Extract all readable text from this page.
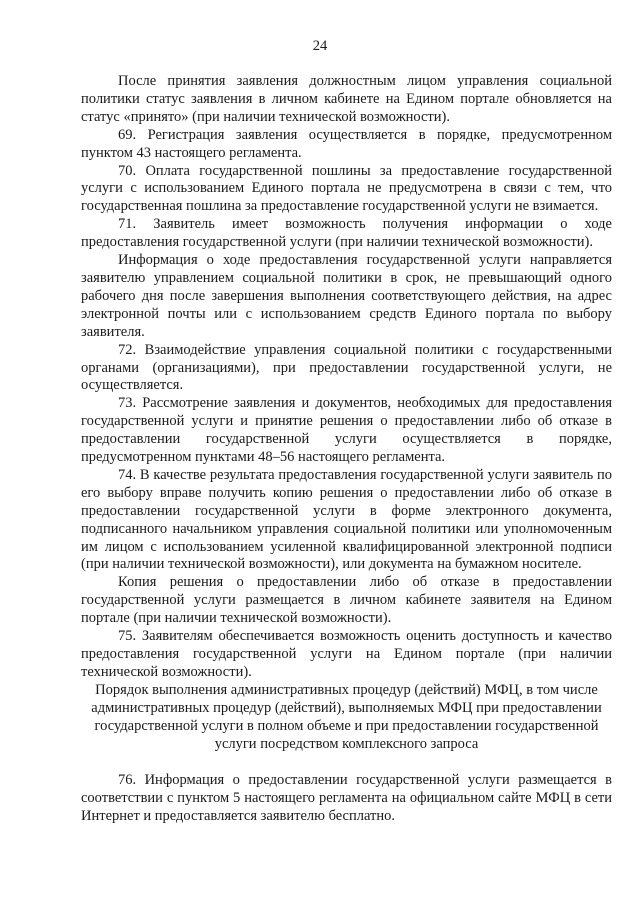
24

После принятия заявления должностным лицом управления социальной политики статус заявления в личном кабинете на Едином портале обновляется на статус «принято» (при наличии технической возможности).

69. Регистрация заявления осуществляется в порядке, предусмотренном пунктом 43 настоящего регламента.

70. Оплата государственной пошлины за предоставление государственной услуги с использованием Единого портала не предусмотрена в связи с тем, что государственная пошлина за предоставление государственной услуги не взимается.

71. Заявитель имеет возможность получения информации о ходе предоставления государственной услуги (при наличии технической возможности).

Информация о ходе предоставления государственной услуги направляется заявителю управлением социальной политики в срок, не превышающий одного рабочего дня после завершения выполнения соответствующего действия, на адрес электронной почты или с использованием средств Единого портала по выбору заявителя.

72. Взаимодействие управления социальной политики с государственными органами (организациями), при предоставлении государственной услуги, не осуществляется.

73. Рассмотрение заявления и документов, необходимых для предоставления государственной услуги и принятие решения о предоставлении либо об отказе в предоставлении государственной услуги осуществляется в порядке, предусмотренном пунктами 48–56 настоящего регламента.

74. В качестве результата предоставления государственной услуги заявитель по его выбору вправе получить копию решения о предоставлении либо об отказе в предоставлении государственной услуги в форме электронного документа, подписанного начальником управления социальной политики или уполномоченным им лицом с использованием усиленной квалифицированной электронной подписи (при наличии технической возможности), или документа на бумажном носителе.

Копия решения о предоставлении либо об отказе в предоставлении государственной услуги размещается в личном кабинете заявителя на Едином портале (при наличии технической возможности).

75. Заявителям обеспечивается возможность оценить доступность и качество предоставления государственной услуги на Едином портале (при наличии технической возможности).

Порядок выполнения административных процедур (действий) МФЦ, в том числе административных процедур (действий), выполняемых МФЦ при предоставлении государственной услуги в полном объеме и при предоставлении государственной услуги посредством комплексного запроса

76. Информация о предоставлении государственной услуги размещается в соответствии с пунктом 5 настоящего регламента на официальном сайте МФЦ в сети Интернет и предоставляется заявителю бесплатно.
